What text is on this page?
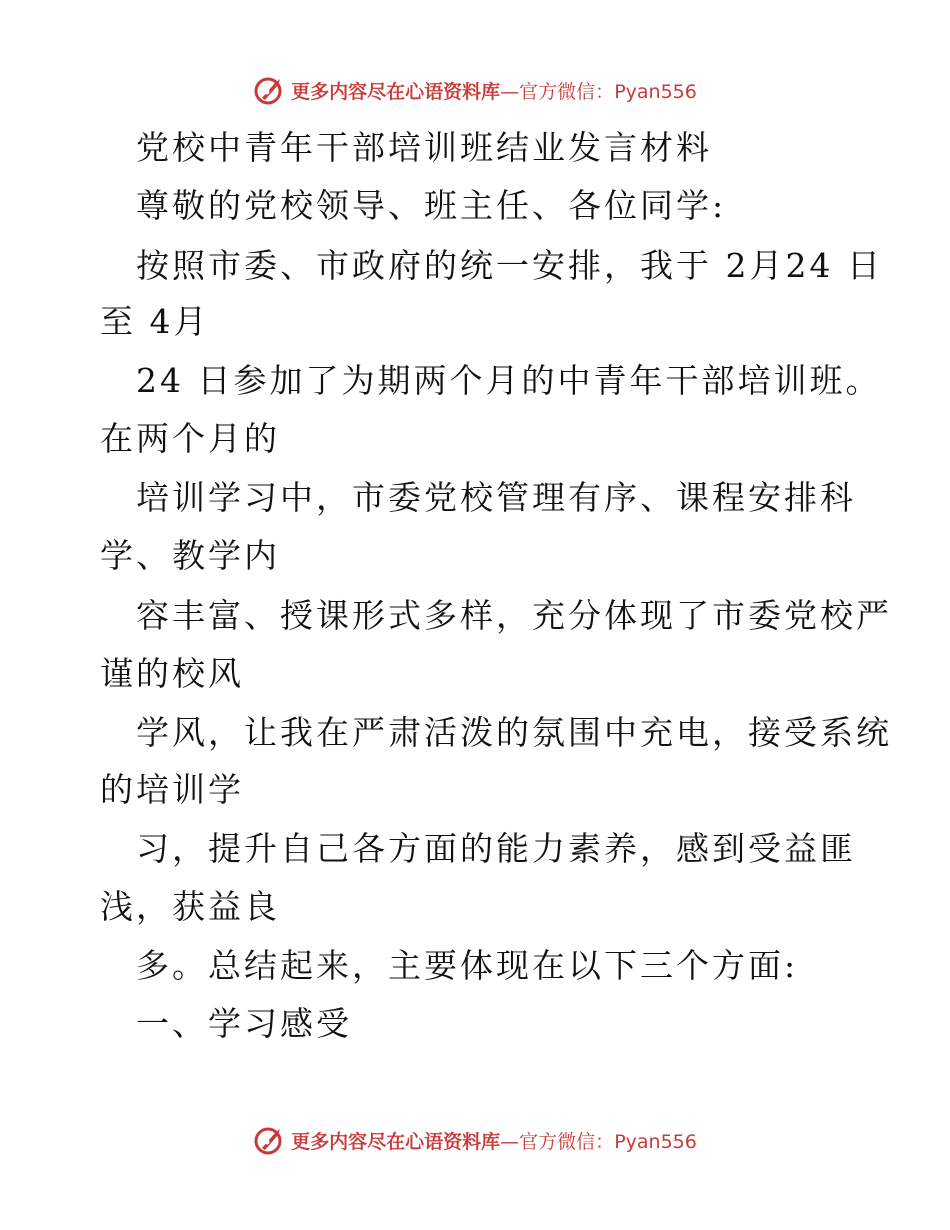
更多内容尽在心语资料库—官方微信：Pyan556
党校中青年干部培训班结业发言材料
尊敬的党校领导、班主任、各位同学:
按照市委、市政府的统一安排，我于 2月24 日
至 4月
24 日参加了为期两个月的中青年干部培训班。
在两个月的
培训学习中，市委党校管理有序、课程安排科
学、教学内
容丰富、授课形式多样，充分体现了市委党校严
谨的校风
学风，让我在严肃活泼的氛围中充电，接受系统
的培训学
习，提升自己各方面的能力素养，感到受益匪
浅，获益良
多。总结起来，主要体现在以下三个方面:
一、学习感受
更多内容尽在心语资料库—官方微信：Pyan556
